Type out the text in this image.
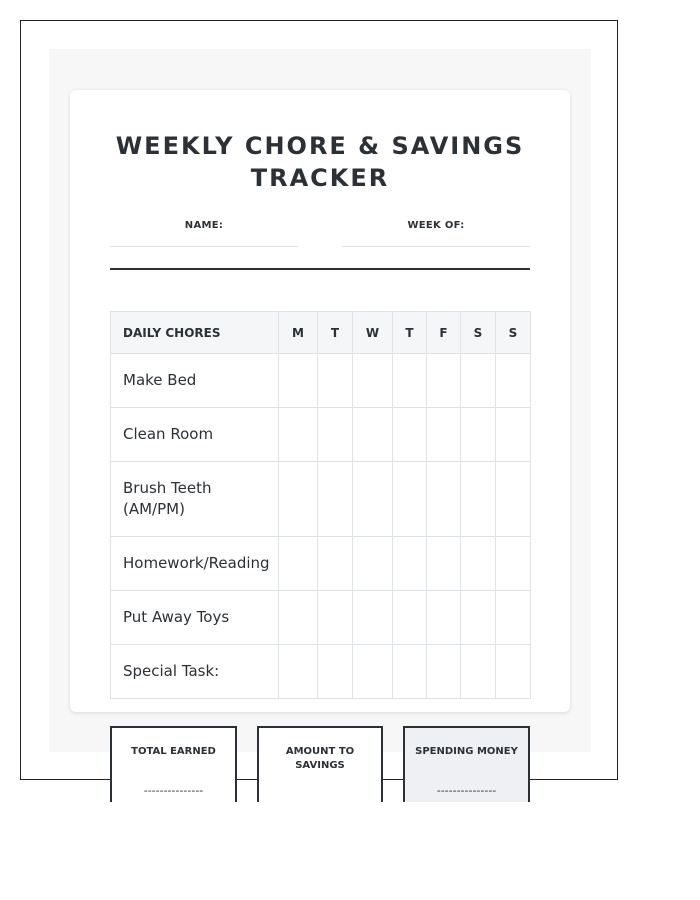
WEEKLY CHORE & SAVINGS
TRACKER
NAME:	WEEK OF:
DAILY CHORES	M	T	W	T	F	S	S
Make Bed							
Clean Room							
Brush Teeth (AM/PM)							
Homework/Reading							
Put Away Toys							
Special Task:							
TOTAL EARNED
---------------
AMOUNT TO SAVINGS
SPENDING MONEY
---------------
